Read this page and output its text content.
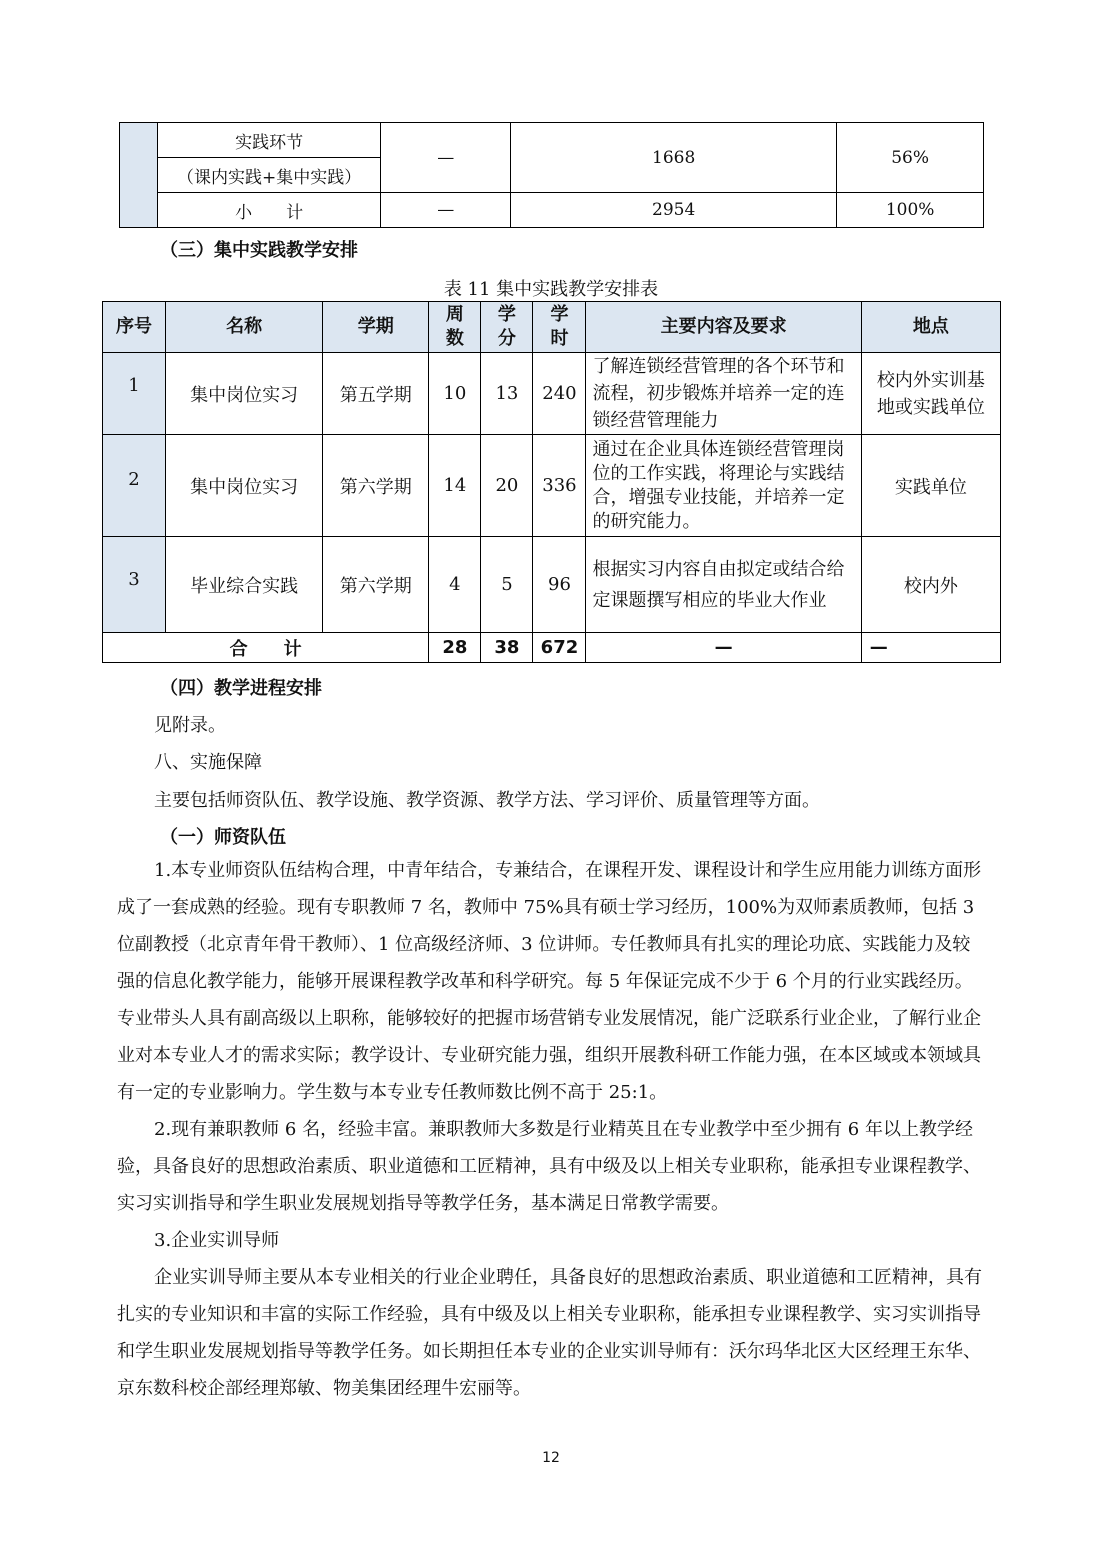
	实践环节	—	1668	56%
	（课内实践+集中实践）			
	小　　计	—	2954	100%
（三）集中实践教学安排
表 11 集中实践教学安排表
序号	名称	学期	周数	学分	学时	主要内容及要求	地点
1	集中岗位实习	第五学期	10	13	240	了解连锁经营管理的各个环节和流程，初步锻炼并培养一定的连锁经营管理能力	校内外实训基地或实践单位
2	集中岗位实习	第六学期	14	20	336	通过在企业具体连锁经营管理岗位的工作实践，将理论与实践结合，增强专业技能，并培养一定的研究能力。	实践单位
3	毕业综合实践	第六学期	4	5	96	根据实习内容自由拟定或结合给定课题撰写相应的毕业大作业	校内外
合　　计			28	38	672	—	—
（四）教学进程安排
见附录。
八、实施保障
主要包括师资队伍、教学设施、教学资源、教学方法、学习评价、质量管理等方面。
（一）师资队伍

1.本专业师资队伍结构合理，中青年结合，专兼结合，在课程开发、课程设计和学生应用能力训练方面形成了一套成熟的经验。现有专职教师 7 名，教师中 75%具有硕士学习经历，100%为双师素质教师，包括 3 位副教授（北京青年骨干教师）、1 位高级经济师、3 位讲师。专任教师具有扎实的理论功底、实践能力及较强的信息化教学能力，能够开展课程教学改革和科学研究。每 5 年保证完成不少于 6 个月的行业实践经历。专业带头人具有副高级以上职称，能够较好的把握市场营销专业发展情况，能广泛联系行业企业，了解行业企业对本专业人才的需求实际；教学设计、专业研究能力强，组织开展教科研工作能力强，在本区域或本领域具有一定的专业影响力。学生数与本专业专任教师数比例不高于 25:1。

2.现有兼职教师 6 名，经验丰富。兼职教师大多数是行业精英且在专业教学中至少拥有 6 年以上教学经验，具备良好的思想政治素质、职业道德和工匠精神，具有中级及以上相关专业职称，能承担专业课程教学、实习实训指导和学生职业发展规划指导等教学任务，基本满足日常教学需要。

3.企业实训导师

企业实训导师主要从本专业相关的行业企业聘任，具备良好的思想政治素质、职业道德和工匠精神，具有扎实的专业知识和丰富的实际工作经验，具有中级及以上相关专业职称，能承担专业课程教学、实习实训指导和学生职业发展规划指导等教学任务。如长期担任本专业的企业实训导师有：沃尔玛华北区大区经理王东华、京东数科校企部经理郑敏、物美集团经理牛宏丽等。

12
